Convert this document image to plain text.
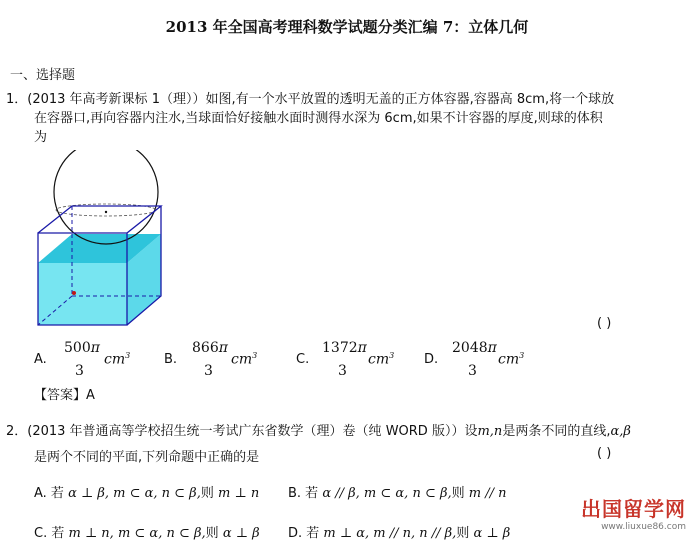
2013 年全国高考理科数学试题分类汇编 7：立体几何
一、选择题
1．(2013 年高考新课标 1（理））如图,有一个水平放置的透明无盖的正方体容器,容器高 8cm,将一个球放
在容器口,再向容器内注水,当球面恰好接触水面时测得水深为 6cm,如果不计容器的厚度,则球的体积
为
( )
A.
500π
3
$cm^3$	B.
866π
3
$cm^3$	C.
1372π
3
$cm^3$ D.
2048π
3
$cm^3$
【答案】A
2．(2013 年普通高等学校招生统一考试广东省数学（理）卷（纯 WORD 版））设m,n是两条不同的直线,α,β
是两个不同的平面,下列命题中正确的是	( )
A. 若 α ⊥ β, m ⊂ α, n ⊂ β,则 m ⊥ n B. 若 α // β, m ⊂ α, n ⊂ β,则 m // n
C. 若 m ⊥ n, m ⊂ α, n ⊂ β,则 α ⊥ β D. 若 m ⊥ α, m // n, n // β,则 α ⊥ β
出国留学网
www.liuxue86.com
